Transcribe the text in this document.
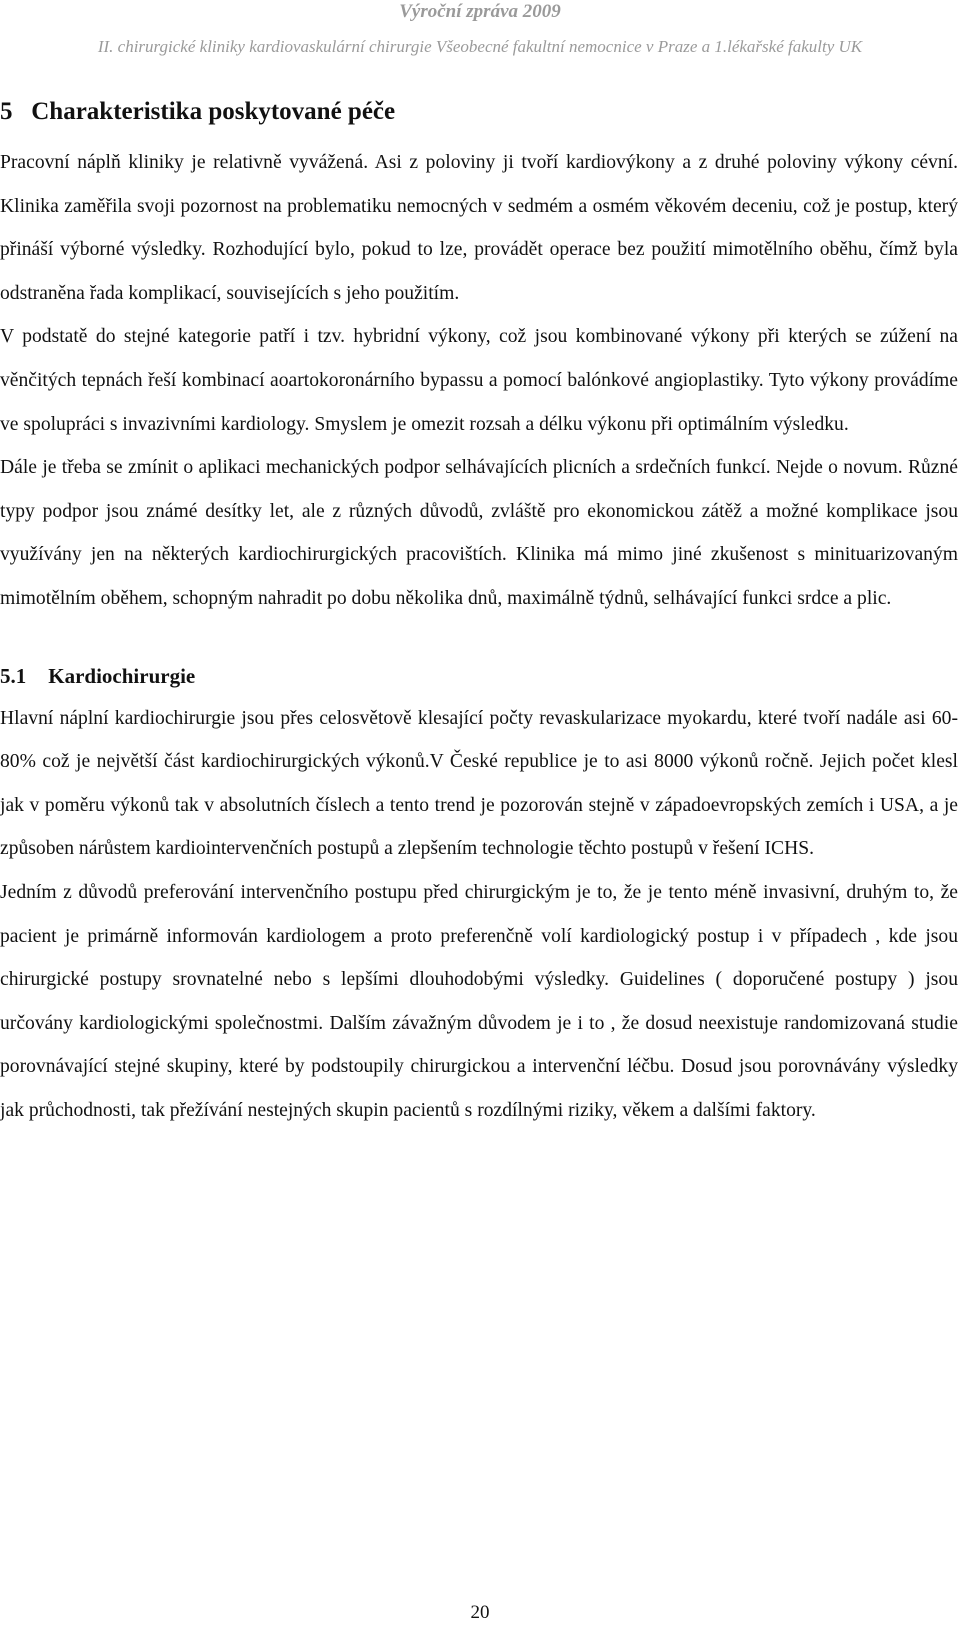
Výroční zpráva 2009
II. chirurgické kliniky kardiovaskulární chirurgie Všeobecné fakultní nemocnice v Praze a 1.lékařské fakulty UK
5 Charakteristika poskytované péče

Pracovní náplň kliniky je relativně vyvážená. Asi z poloviny ji tvoří kardiovýkony a z druhé poloviny výkony cévní. Klinika zaměřila svoji pozornost na problematiku nemocných v sedmém a osmém věkovém deceniu, což je postup, který přináší výborné výsledky. Rozhodující bylo, pokud to lze, provádět operace bez použití mimotělního oběhu, čímž byla odstraněna řada komplikací, souvisejících s jeho použitím.

V podstatě do stejné kategorie patří i tzv. hybridní výkony, což jsou kombinované výkony při kterých se zúžení na věnčitých tepnách řeší kombinací aoartokoronárního bypassu a pomocí balónkové angioplastiky. Tyto výkony provádíme ve spolupráci s invazivními kardiology. Smyslem je omezit rozsah a délku výkonu při optimálním výsledku.

Dále je třeba se zmínit o aplikaci mechanických podpor selhávajících plicních a srdečních funkcí. Nejde o novum. Různé typy podpor jsou známé desítky let, ale z různých důvodů, zvláště pro ekonomickou zátěž a možné komplikace jsou využívány jen na některých kardiochirurgických pracovištích. Klinika má mimo jiné zkušenost s minituarizovaným mimotělním oběhem, schopným nahradit po dobu několika dnů, maximálně týdnů, selhávající funkci srdce a plic.

5.1 Kardiochirurgie

Hlavní náplní kardiochirurgie jsou přes celosvětově klesající počty revaskularizace myokardu, které tvoří nadále asi 60-80% což je největší část kardiochirurgických výkonů.V České republice je to asi 8000 výkonů ročně. Jejich počet klesl jak v poměru výkonů tak v absolutních číslech a tento trend je pozorován stejně v západoevropských zemích i USA, a je způsoben nárůstem kardiointervenčních postupů a zlepšením technologie těchto postupů v řešení ICHS.

Jedním z důvodů preferování intervenčního postupu před chirurgickým je to, že je tento méně invasivní, druhým to, že pacient je primárně informován kardiologem a proto preferenčně volí kardiologický postup i v případech , kde jsou chirurgické postupy srovnatelné nebo s lepšími dlouhodobými výsledky. Guidelines ( doporučené postupy ) jsou určovány kardiologickými společnostmi. Dalším závažným důvodem je i to , že dosud neexistuje randomizovaná studie porovnávající stejné skupiny, které by podstoupily chirurgickou a intervenční léčbu. Dosud jsou porovnávány výsledky jak průchodnosti, tak přežívání nestejných skupin pacientů s rozdílnými riziky, věkem a dalšími faktory.

20
